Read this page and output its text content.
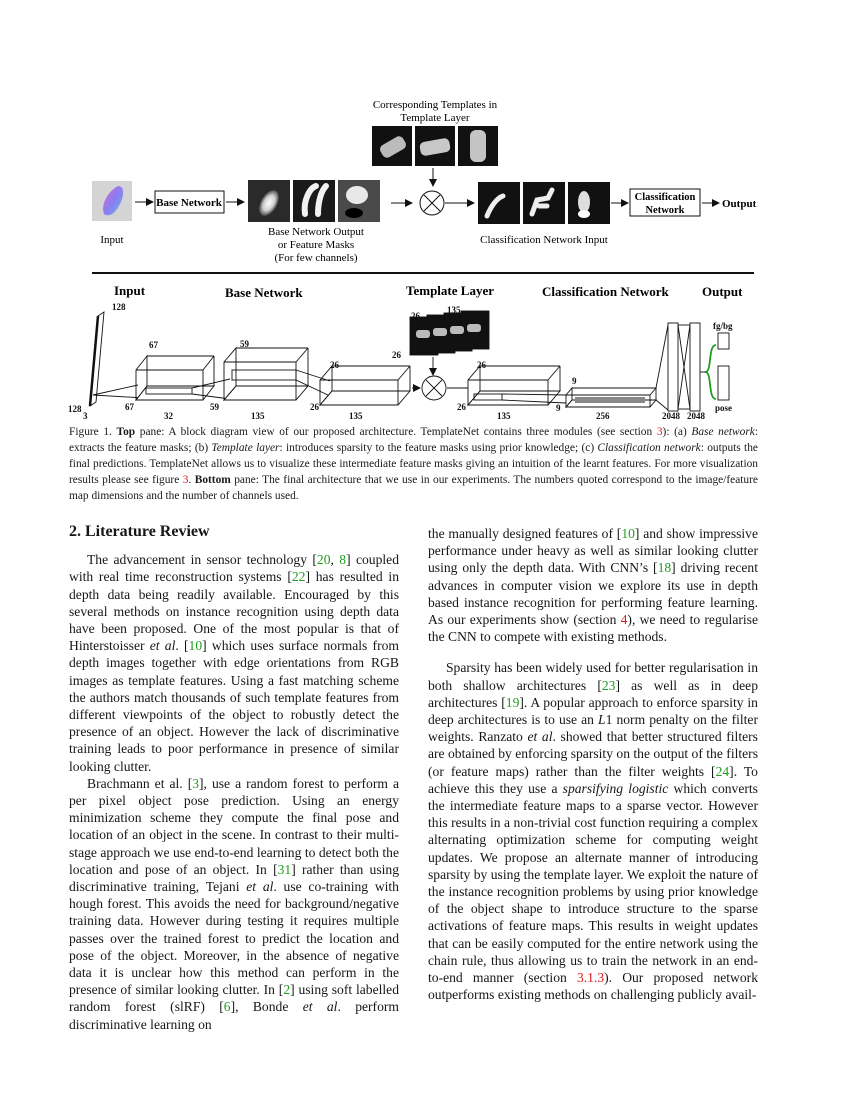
Corresponding Templates in
Template Layer
Input
Base Network
Base Network Output
or Feature Masks
(For few channels)
Classification Network Input
Classification
Network
Output
Input	Base Network	Template Layer	Classification Network	Output
128
128
3
67
67
32
59
59
135
26
26
135
26
135
26
26
26
135
9
9
256	2048 2048
fg/bg
pose
Figure 1. Top pane: A block diagram view of our proposed architecture. TemplateNet contains three modules (see section 3): (a) Base network: extracts the feature masks; (b) Template layer: introduces sparsity to the feature masks using prior knowledge; (c) Classification network: outputs the final predictions. TemplateNet allows us to visualize these intermediate feature masks giving an intuition of the learnt features. For more visualization results please see figure 3. Bottom pane: The final architecture that we use in our experiments. The numbers quoted correspond to the image/feature map dimensions and the number of channels used.
2. Literature Review

The advancement in sensor technology [20, 8] coupled with real time reconstruction systems [22] has resulted in depth data being readily available. Encouraged by this several methods on instance recognition using depth data have been proposed. One of the most popular is that of Hinterstoisser et al. [10] which uses surface normals from depth images together with edge orientations from RGB images as template features. Using a fast matching scheme the authors match thousands of such template features from different viewpoints of the object to robustly detect the presence of an object. However the lack of discriminative training leads to poor performance in presence of similar looking clutter.

Brachmann et al. [3], use a random forest to perform a per pixel object pose prediction. Using an energy minimization scheme they compute the final pose and location of an object in the scene. In contrast to their multi-stage approach we use end-to-end learning to detect both the location and pose of an object. In [31] rather than using discriminative training, Tejani et al. use co-training with hough forest. This avoids the need for background/negative training data. However during testing it requires multiple passes over the trained forest to predict the location and pose of the object. Moreover, in the absence of negative data it is unclear how this method can perform in the presence of similar looking clutter. In [2] using soft labelled random forest (slRF) [6], Bonde et al. perform discriminative learning on

the manually designed features of [10] and show impressive performance under heavy as well as similar looking clutter using only the depth data. With CNN’s [18] driving recent advances in computer vision we explore its use in depth based instance recognition for performing feature learning. As our experiments show (section 4), we need to regularise the CNN to compete with existing methods.

Sparsity has been widely used for better regularisation in both shallow architectures [23] as well as in deep architectures [19]. A popular approach to enforce sparsity in deep architectures is to use an L1 norm penalty on the filter weights. Ranzato et al. showed that better structured filters are obtained by enforcing sparsity on the output of the filters (or feature maps) rather than the filter weights [24]. To achieve this they use a sparsifying logistic which converts the intermediate feature maps to a sparse vector. However this results in a non-trivial cost function requiring a complex alternating optimization scheme for computing weight updates. We propose an alternate manner of introducing sparsity by using the template layer. We exploit the nature of the instance recognition problems by using prior knowledge of the object shape to introduce structure to the sparse activations of feature maps. This results in weight updates that can be easily computed for the entire network using the chain rule, thus allowing us to train the network in an end-to-end manner (section 3.1.3). Our proposed network outperforms existing methods on challenging publicly avail-
